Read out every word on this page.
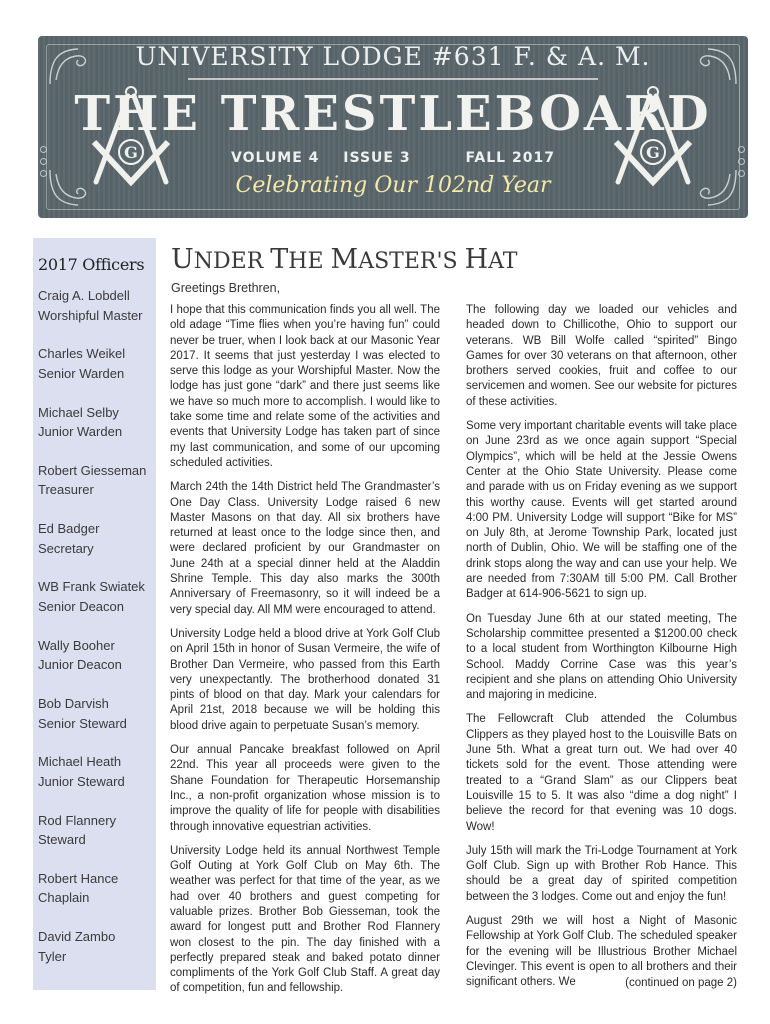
G	G
UNIVERSITY LODGE #631 F. & A. M.
THE TRESTLEBOARD
VOLUME 4 ISSUE 3	FALL 2017
Celebrating Our 102nd Year
2017 Officers
Craig A. Lobdell
Worshipful Master
Charles Weikel
Senior Warden
Michael Selby
Junior Warden
Robert Giesseman
Treasurer
Ed Badger
Secretary
WB Frank Swiatek
Senior Deacon
Wally Booher
Junior Deacon
Bob Darvish
Senior Steward
Michael Heath
Junior Steward
Rod Flannery
Steward
Robert Hance
Chaplain
David Zambo
Tyler
UNDER THE MASTER'S HAT
Greetings Brethren,

I hope that this communication finds you all well. The old adage “Time flies when you’re having fun” could never be truer, when I look back at our Masonic Year 2017. It seems that just yesterday I was elected to serve this lodge as your Worshipful Master. Now the lodge has just gone “dark” and there just seems like we have so much more to accomplish. I would like to take some time and relate some of the activities and events that University Lodge has taken part of since my last communication, and some of our upcoming scheduled activities.

March 24th the 14th District held The Grandmaster’s One Day Class. University Lodge raised 6 new Master Masons on that day. All six brothers have returned at least once to the lodge since then, and were declared proficient by our Grandmaster on June 24th at a special dinner held at the Aladdin Shrine Temple. This day also marks the 300th Anniversary of Freemasonry, so it will indeed be a very special day. All MM were encouraged to attend.

University Lodge held a blood drive at York Golf Club on April 15th in honor of Susan Vermeire, the wife of Brother Dan Vermeire, who passed from this Earth very unexpectantly. The brotherhood donated 31 pints of blood on that day. Mark your calendars for April 21st, 2018 because we will be holding this blood drive again to perpetuate Susan’s memory.

Our annual Pancake breakfast followed on April 22nd. This year all proceeds were given to the Shane Foundation for Therapeutic Horsemanship Inc., a non-profit organization whose mission is to improve the quality of life for people with disabilities through innovative equestrian activities.

University Lodge held its annual Northwest Temple Golf Outing at York Golf Club on May 6th. The weather was perfect for that time of the year, as we had over 40 brothers and guest competing for valuable prizes. Brother Bob Giesseman, took the award for longest putt and Brother Rod Flannery won closest to the pin. The day finished with a perfectly prepared steak and baked potato dinner compliments of the York Golf Club Staff. A great day of competition, fun and fellowship.

The following day we loaded our vehicles and headed down to Chillicothe, Ohio to support our veterans. WB Bill Wolfe called “spirited” Bingo Games for over 30 veterans on that afternoon, other brothers served cookies, fruit and coffee to our servicemen and women. See our website for pictures of these activities.

Some very important charitable events will take place on June 23rd as we once again support “Special Olympics”, which will be held at the Jessie Owens Center at the Ohio State University. Please come and parade with us on Friday evening as we support this worthy cause. Events will get started around 4:00 PM. University Lodge will support “Bike for MS” on July 8th, at Jerome Township Park, located just north of Dublin, Ohio. We will be staffing one of the drink stops along the way and can use your help. We are needed from 7:30AM till 5:00 PM. Call Brother Badger at 614-906-5621 to sign up.

On Tuesday June 6th at our stated meeting, The Scholarship committee presented a $1200.00 check to a local student from Worthington Kilbourne High School. Maddy Corrine Case was this year’s recipient and she plans on attending Ohio University and majoring in medicine.

The Fellowcraft Club attended the Columbus Clippers as they played host to the Louisville Bats on June 5th. What a great turn out. We had over 40 tickets sold for the event. Those attending were treated to a “Grand Slam” as our Clippers beat Louisville 15 to 5. It was also “dime a dog night” I believe the record for that evening was 10 dogs. Wow!

July 15th will mark the Tri-Lodge Tournament at York Golf Club. Sign up with Brother Rob Hance. This should be a great day of spirited competition between the 3 lodges. Come out and enjoy the fun!

August 29th we will host a Night of Masonic Fellowship at York Golf Club. The scheduled speaker for the evening will be Illustrious Brother Michael Clevinger. This event is open to all brothers and their significant others. We	(continued on page 2)
